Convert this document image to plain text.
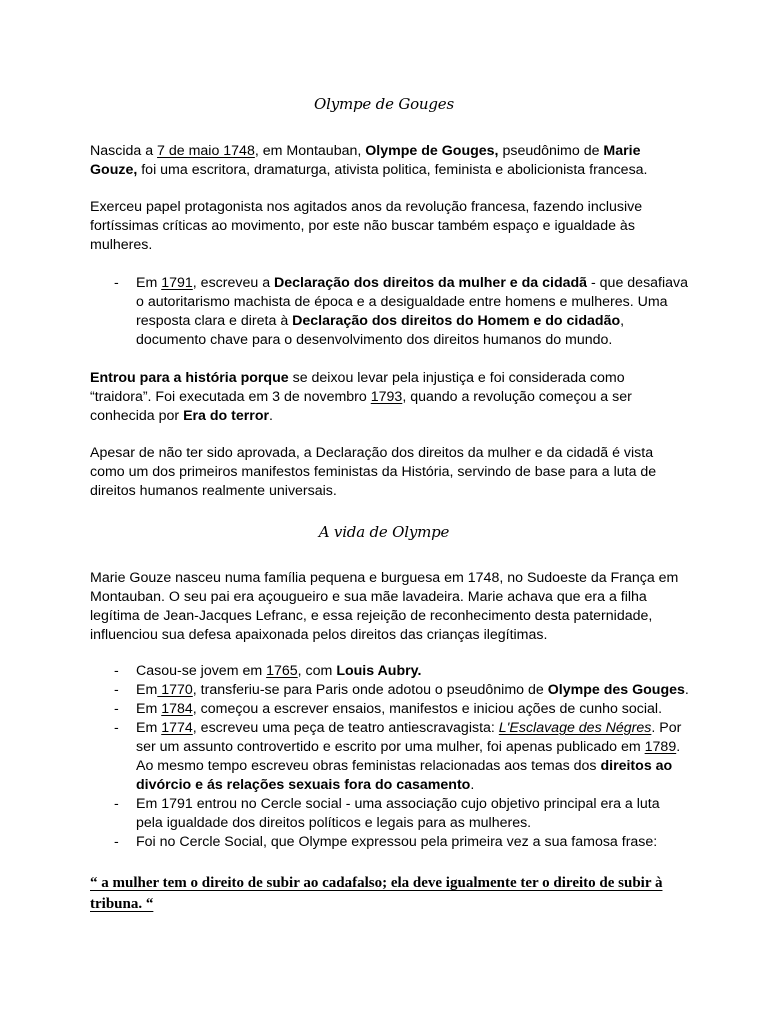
Olympe de Gouges

Nascida a 7 de maio 1748, em Montauban, Olympe de Gouges, pseudônimo de Marie Gouze, foi uma escritora, dramaturga, ativista politica, feminista e abolicionista francesa.

Exerceu papel protagonista nos agitados anos da revolução francesa, fazendo inclusive fortíssimas críticas ao movimento, por este não buscar também espaço e igualdade às mulheres.

- Em 1791, escreveu a Declaração dos direitos da mulher e da cidadã - que desafiava o autoritarismo machista de época e a desigualdade entre homens e mulheres. Uma resposta clara e direta à Declaração dos direitos do Homem e do cidadão, documento chave para o desenvolvimento dos direitos humanos do mundo.

Entrou para a história porque se deixou levar pela injustiça e foi considerada como “traidora”. Foi executada em 3 de novembro 1793, quando a revolução começou a ser conhecida por Era do terror.

Apesar de não ter sido aprovada, a Declaração dos direitos da mulher e da cidadã é vista como um dos primeiros manifestos feministas da História, servindo de base para a luta de direitos humanos realmente universais.

A vida de Olympe

Marie Gouze nasceu numa família pequena e burguesa em 1748, no Sudoeste da França em Montauban. O seu pai era açougueiro e sua mãe lavadeira. Marie achava que era a filha legítima de Jean-Jacques Lefranc, e essa rejeição de reconhecimento desta paternidade, influenciou sua defesa apaixonada pelos direitos das crianças ilegítimas.

- Casou-se jovem em 1765, com Louis Aubry.
- Em 1770, transferiu-se para Paris onde adotou o pseudônimo de Olympe des Gouges.
- Em 1784, começou a escrever ensaios, manifestos e iniciou ações de cunho social.
- Em 1774, escreveu uma peça de teatro antiescravagista: L'Esclavage des Négres. Por ser um assunto controvertido e escrito por uma mulher, foi apenas publicado em 1789. Ao mesmo tempo escreveu obras feministas relacionadas aos temas dos direitos ao divórcio e ás relações sexuais fora do casamento.
- Em 1791 entrou no Cercle social - uma associação cujo objetivo principal era a luta pela igualdade dos direitos políticos e legais para as mulheres.
- Foi no Cercle Social, que Olympe expressou pela primeira vez a sua famosa frase:

“ a mulher tem o direito de subir ao cadafalso; ela deve igualmente ter o direito de subir à tribuna. “
